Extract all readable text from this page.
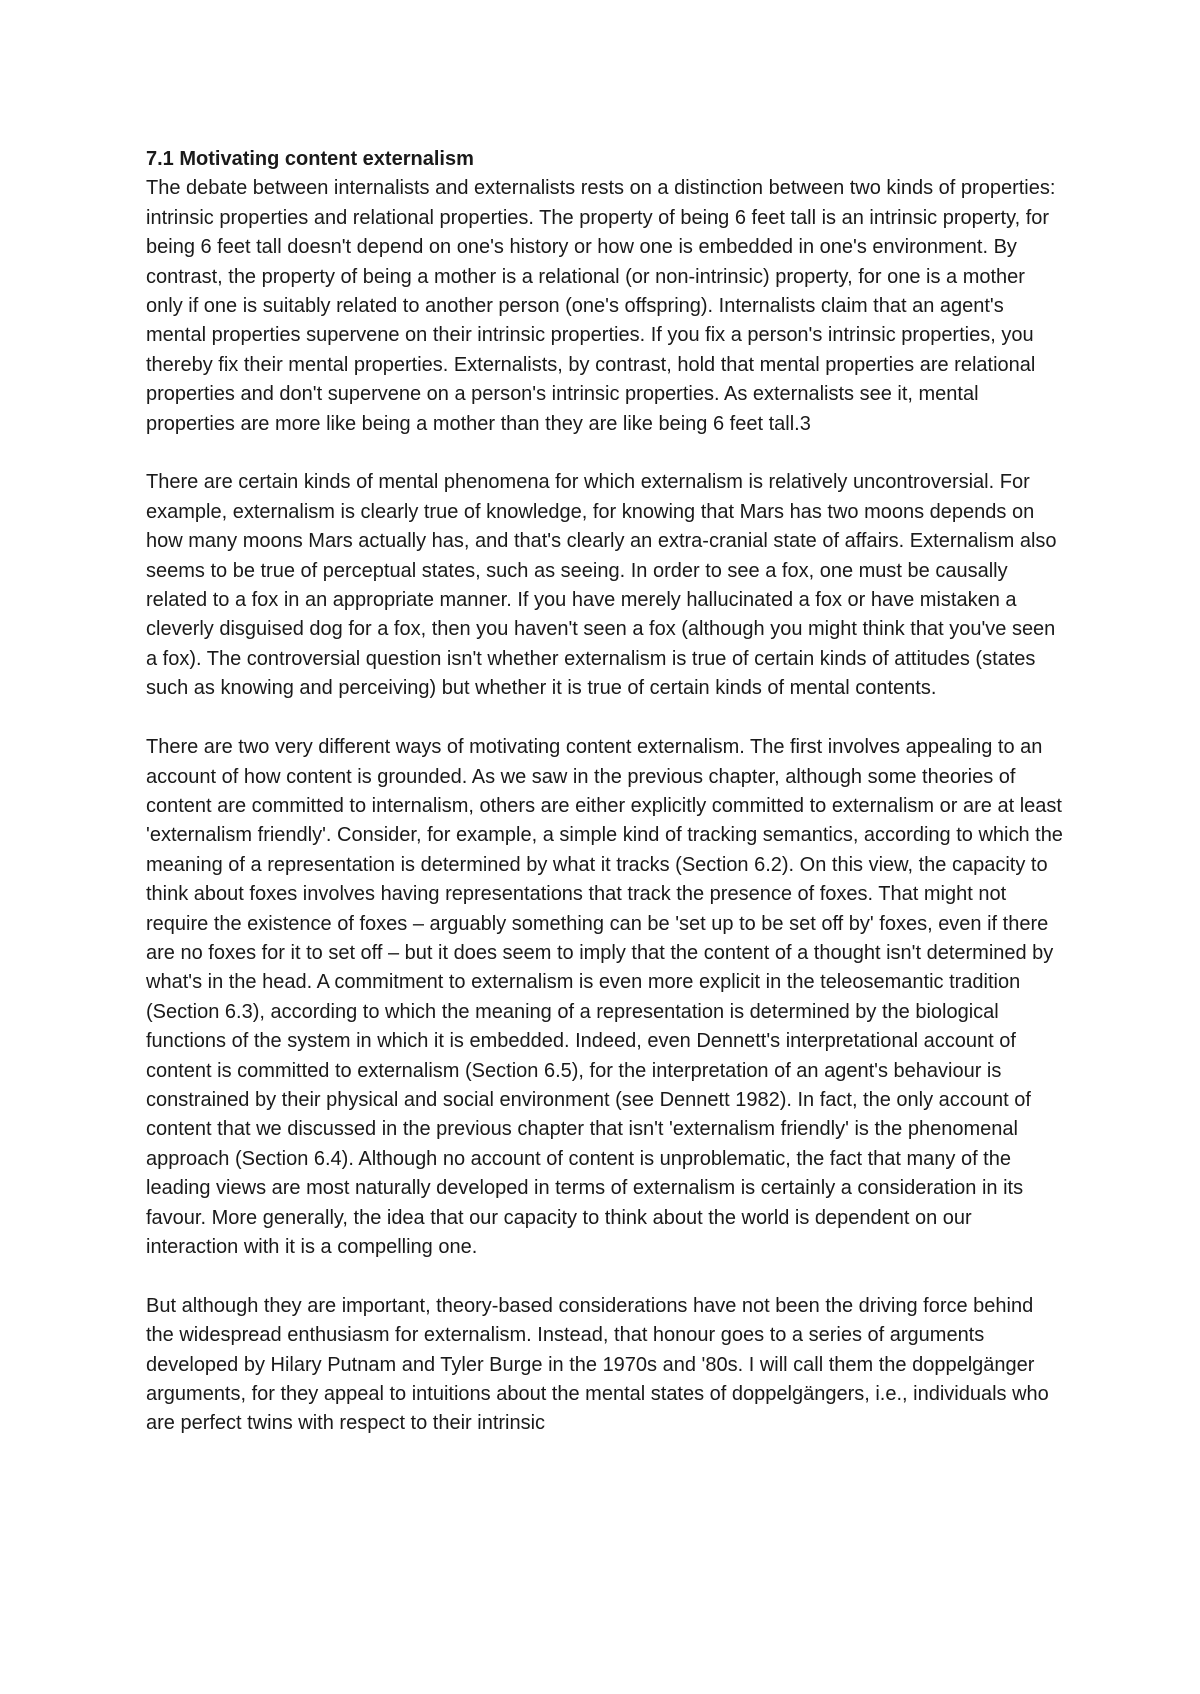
7.1 Motivating content externalism

The debate between internalists and externalists rests on a distinction between two kinds of properties: intrinsic properties and relational properties. The property of being 6 feet tall is an intrinsic property, for being 6 feet tall doesn't depend on one's history or how one is embedded in one's environment. By contrast, the property of being a mother is a relational (or non-intrinsic) property, for one is a mother only if one is suitably related to another person (one's offspring). Internalists claim that an agent's mental properties supervene on their intrinsic properties. If you fix a person's intrinsic properties, you thereby fix their mental properties. Externalists, by contrast, hold that mental properties are relational properties and don't supervene on a person's intrinsic properties. As externalists see it, mental properties are more like being a mother than they are like being 6 feet tall.3

There are certain kinds of mental phenomena for which externalism is relatively uncontroversial. For example, externalism is clearly true of knowledge, for knowing that Mars has two moons depends on how many moons Mars actually has, and that's clearly an extra-cranial state of affairs. Externalism also seems to be true of perceptual states, such as seeing. In order to see a fox, one must be causally related to a fox in an appropriate manner. If you have merely hallucinated a fox or have mistaken a cleverly disguised dog for a fox, then you haven't seen a fox (although you might think that you've seen a fox). The controversial question isn't whether externalism is true of certain kinds of attitudes (states such as knowing and perceiving) but whether it is true of certain kinds of mental contents.

There are two very different ways of motivating content externalism. The first involves appealing to an account of how content is grounded. As we saw in the previous chapter, although some theories of content are committed to internalism, others are either explicitly committed to externalism or are at least 'externalism friendly'. Consider, for example, a simple kind of tracking semantics, according to which the meaning of a representation is determined by what it tracks (Section 6.2). On this view, the capacity to think about foxes involves having representations that track the presence of foxes. That might not require the existence of foxes – arguably something can be 'set up to be set off by' foxes, even if there are no foxes for it to set off – but it does seem to imply that the content of a thought isn't determined by what's in the head. A commitment to externalism is even more explicit in the teleosemantic tradition (Section 6.3), according to which the meaning of a representation is determined by the biological functions of the system in which it is embedded. Indeed, even Dennett's interpretational account of content is committed to externalism (Section 6.5), for the interpretation of an agent's behaviour is constrained by their physical and social environment (see Dennett 1982). In fact, the only account of content that we discussed in the previous chapter that isn't 'externalism friendly' is the phenomenal approach (Section 6.4). Although no account of content is unproblematic, the fact that many of the leading views are most naturally developed in terms of externalism is certainly a consideration in its favour. More generally, the idea that our capacity to think about the world is dependent on our interaction with it is a compelling one.

But although they are important, theory-based considerations have not been the driving force behind the widespread enthusiasm for externalism. Instead, that honour goes to a series of arguments developed by Hilary Putnam and Tyler Burge in the 1970s and '80s. I will call them the doppelgänger arguments, for they appeal to intuitions about the mental states of doppelgängers, i.e., individuals who are perfect twins with respect to their intrinsic
